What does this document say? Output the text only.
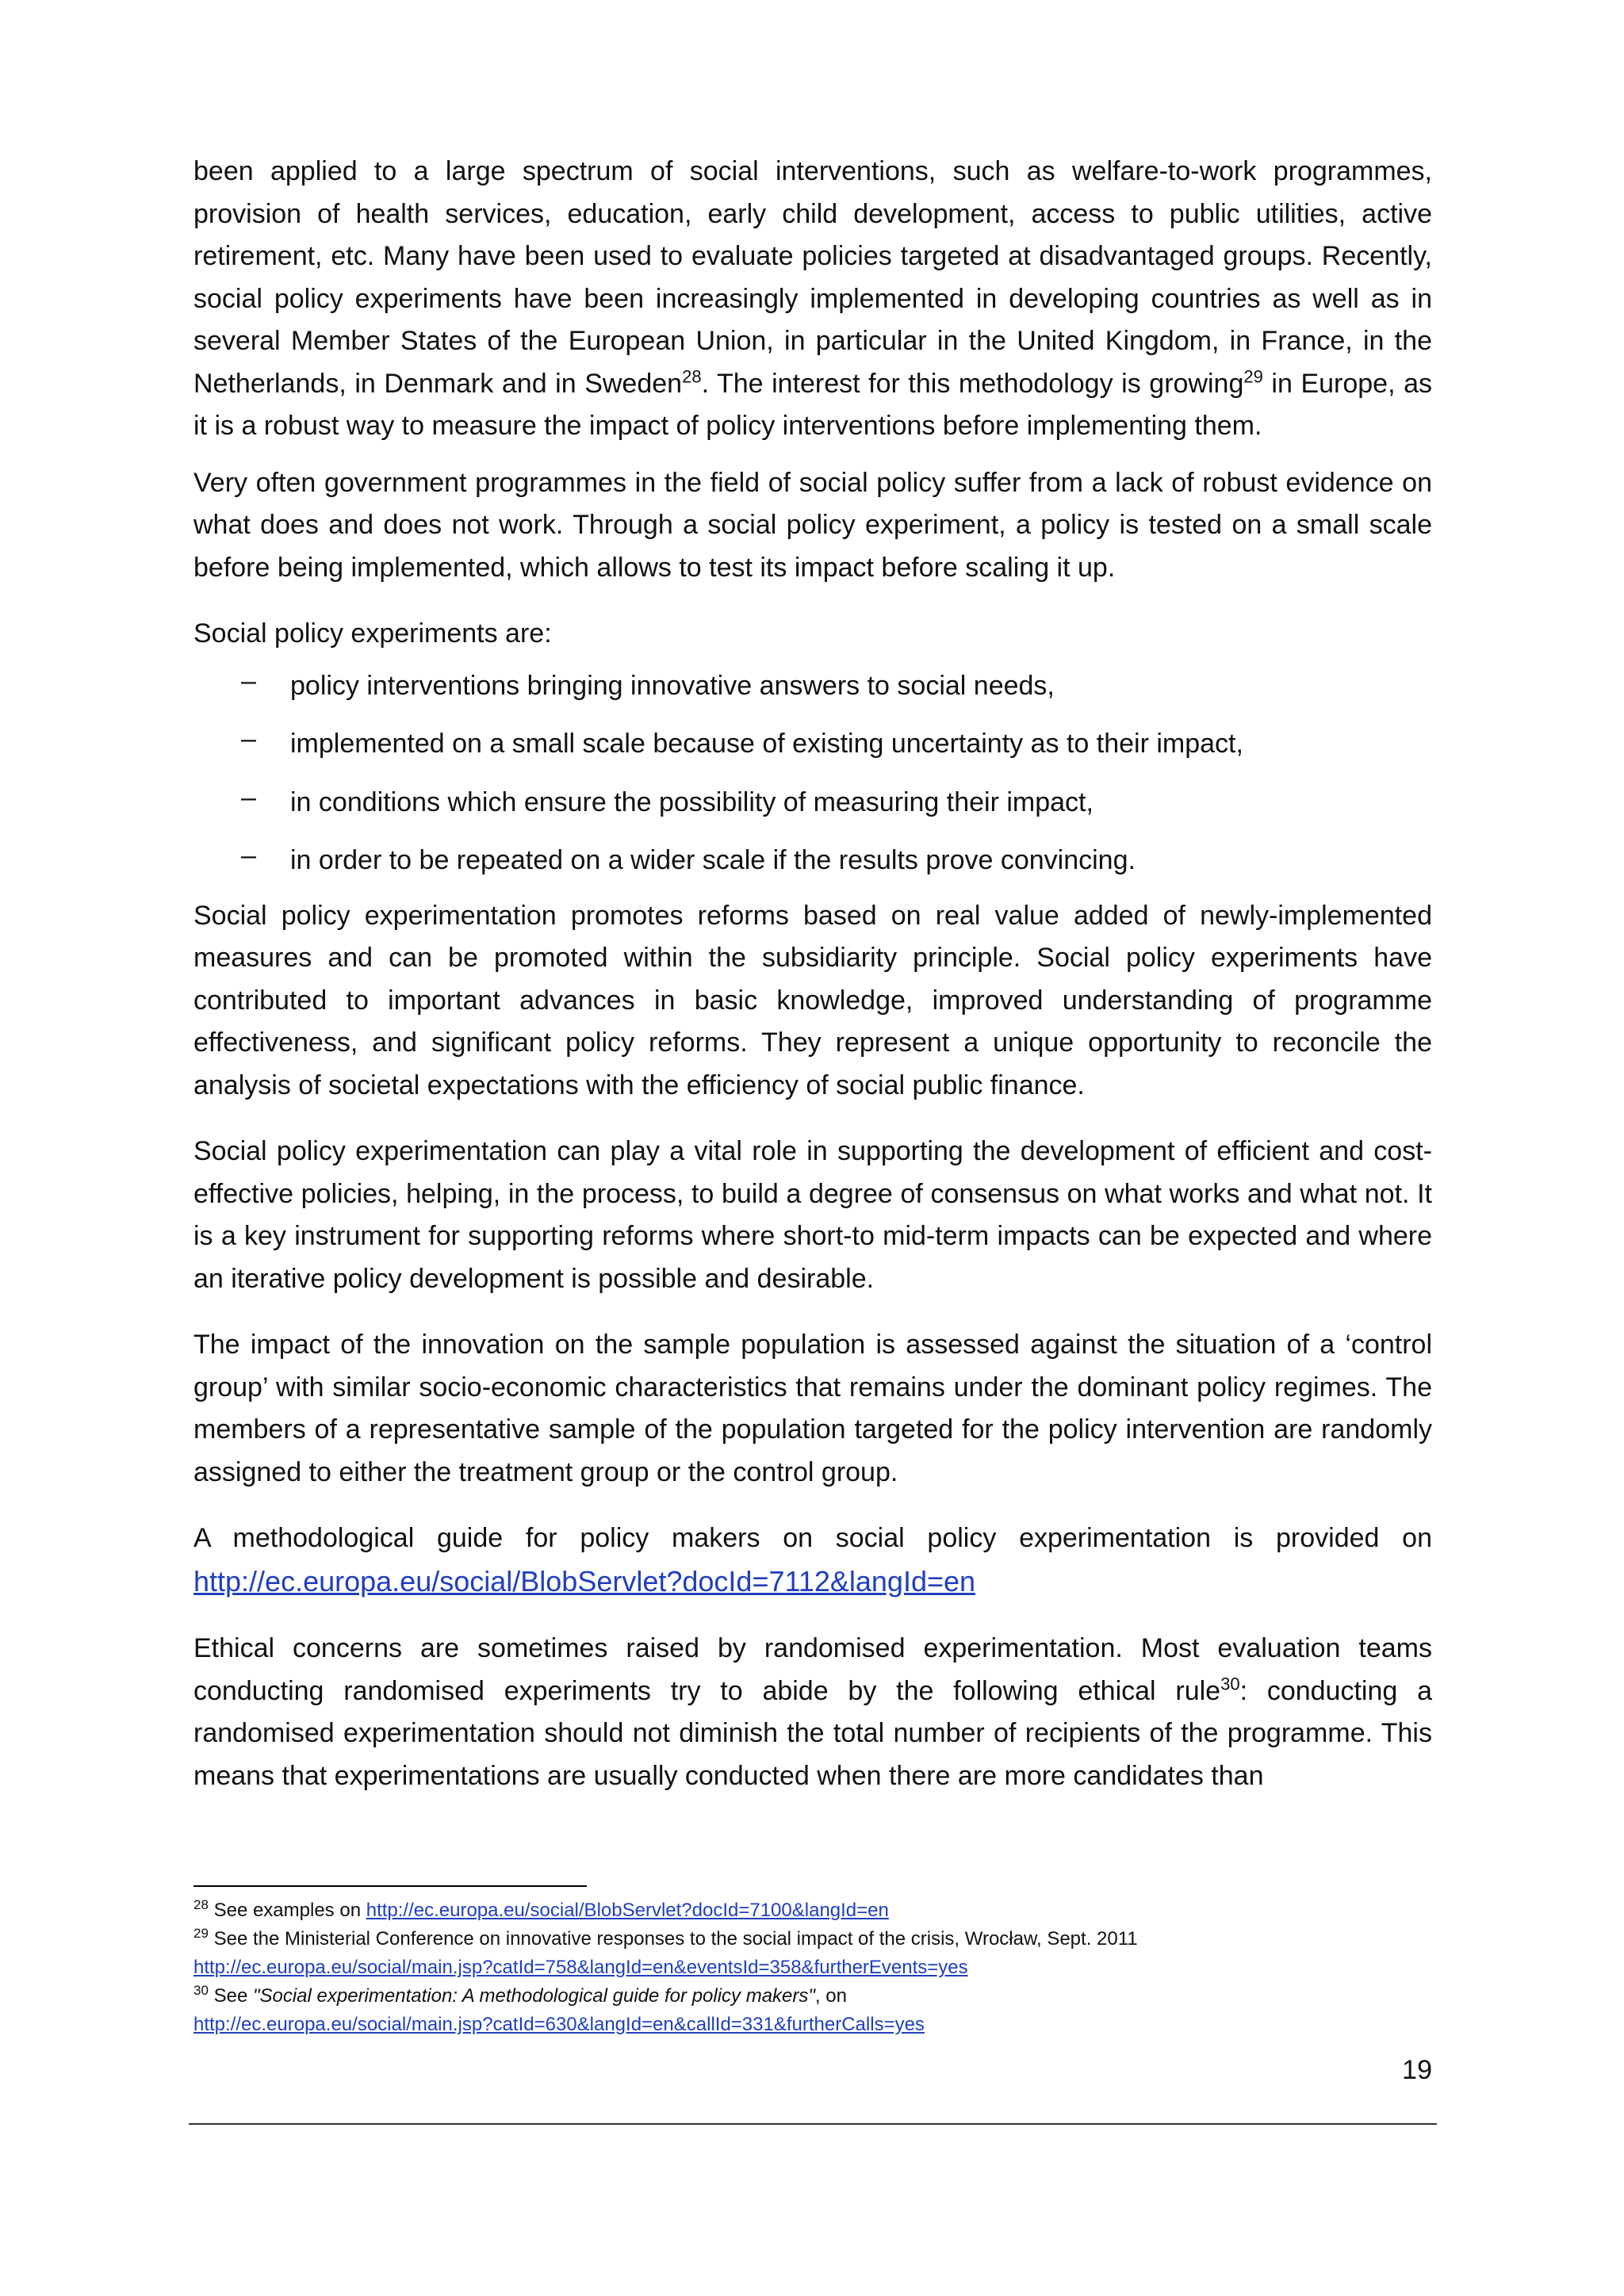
been applied to a large spectrum of social interventions, such as welfare-to-work programmes, provision of health services, education, early child development, access to public utilities, active retirement, etc. Many have been used to evaluate policies targeted at disadvantaged groups. Recently, social policy experiments have been increasingly implemented in developing countries as well as in several Member States of the European Union, in particular in the United Kingdom, in France, in the Netherlands, in Denmark and in Sweden$^{28}$. The interest for this methodology is growing$^{29}$ in Europe, as it is a robust way to measure the impact of policy interventions before implementing them.

Very often government programmes in the field of social policy suffer from a lack of robust evidence on what does and does not work. Through a social policy experiment, a policy is tested on a small scale before being implemented, which allows to test its impact before scaling it up.

Social policy experiments are:

– policy interventions bringing innovative answers to social needs,
– implemented on a small scale because of existing uncertainty as to their impact,
– in conditions which ensure the possibility of measuring their impact,
– in order to be repeated on a wider scale if the results prove convincing.

Social policy experimentation promotes reforms based on real value added of newly-implemented measures and can be promoted within the subsidiarity principle. Social policy experiments have contributed to important advances in basic knowledge, improved understanding of programme effectiveness, and significant policy reforms. They represent a unique opportunity to reconcile the analysis of societal expectations with the efficiency of social public finance.

Social policy experimentation can play a vital role in supporting the development of efficient and cost-effective policies, helping, in the process, to build a degree of consensus on what works and what not. It is a key instrument for supporting reforms where short-to mid-term impacts can be expected and where an iterative policy development is possible and desirable.

The impact of the innovation on the sample population is assessed against the situation of a ‘control group’ with similar socio-economic characteristics that remains under the dominant policy regimes. The members of a representative sample of the population targeted for the policy intervention are randomly assigned to either the treatment group or the control group.

A methodological guide for policy makers on social policy experimentation is provided on http://ec.europa.eu/social/BlobServlet?docId=7112&langId=en

Ethical concerns are sometimes raised by randomised experimentation. Most evaluation teams conducting randomised experiments try to abide by the following ethical rule$^{30}$: conducting a randomised experimentation should not diminish the total number of recipients of the programme. This means that experimentations are usually conducted when there are more candidates than

$^{28}$ See examples on http://ec.europa.eu/social/BlobServlet?docId=7100&langId=en

$^{29}$ See the Ministerial Conference on innovative responses to the social impact of the crisis, Wrocław, Sept. 2011

http://ec.europa.eu/social/main.jsp?catId=758&langId=en&eventsId=358&furtherEvents=yes

$^{30}$ See "Social experimentation: A methodological guide for policy makers", on

http://ec.europa.eu/social/main.jsp?catId=630&langId=en&callId=331&furtherCalls=yes

19
